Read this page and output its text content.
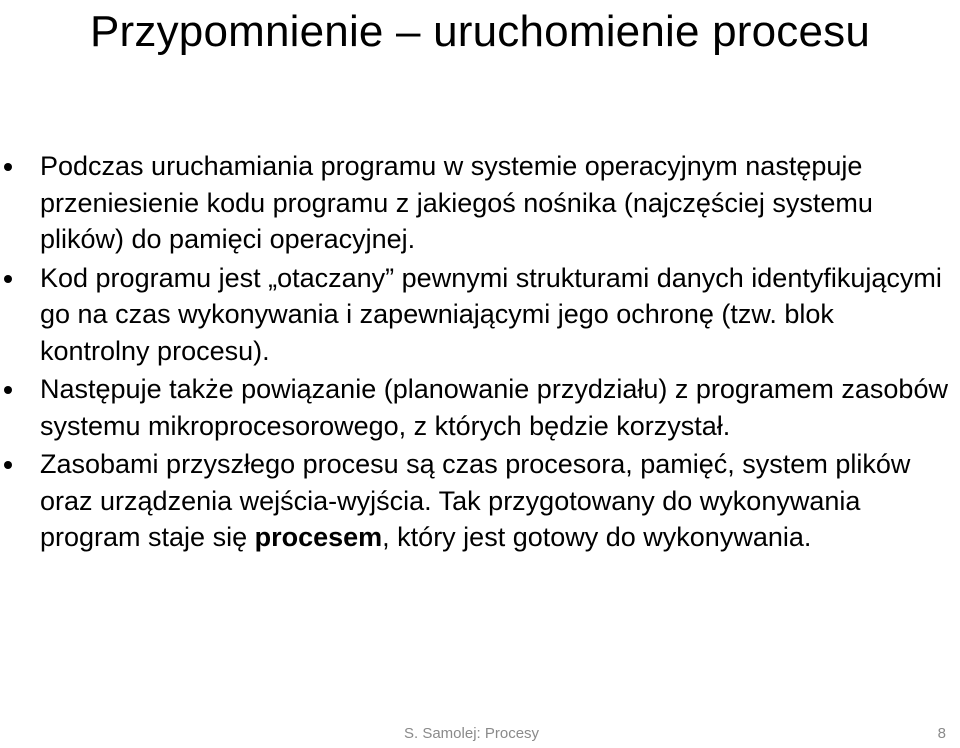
Przypomnienie – uruchomienie procesu
Podczas uruchamiania programu w systemie operacyjnym następuje przeniesienie kodu programu z jakiegoś nośnika (najczęściej systemu plików) do pamięci operacyjnej.
Kod programu jest „otaczany” pewnymi strukturami danych identyfikującymi go na czas wykonywania i zapewniającymi jego ochronę (tzw. blok kontrolny procesu).
Następuje także powiązanie (planowanie przydziału) z programem zasobów systemu mikroprocesorowego, z których będzie korzystał.
Zasobami przyszłego procesu są czas procesora, pamięć, system plików oraz urządzenia wejścia-wyjścia. Tak przygotowany do wykonywania program staje się procesem, który jest gotowy do wykonywania.
S. Samolej: Procesy	8
